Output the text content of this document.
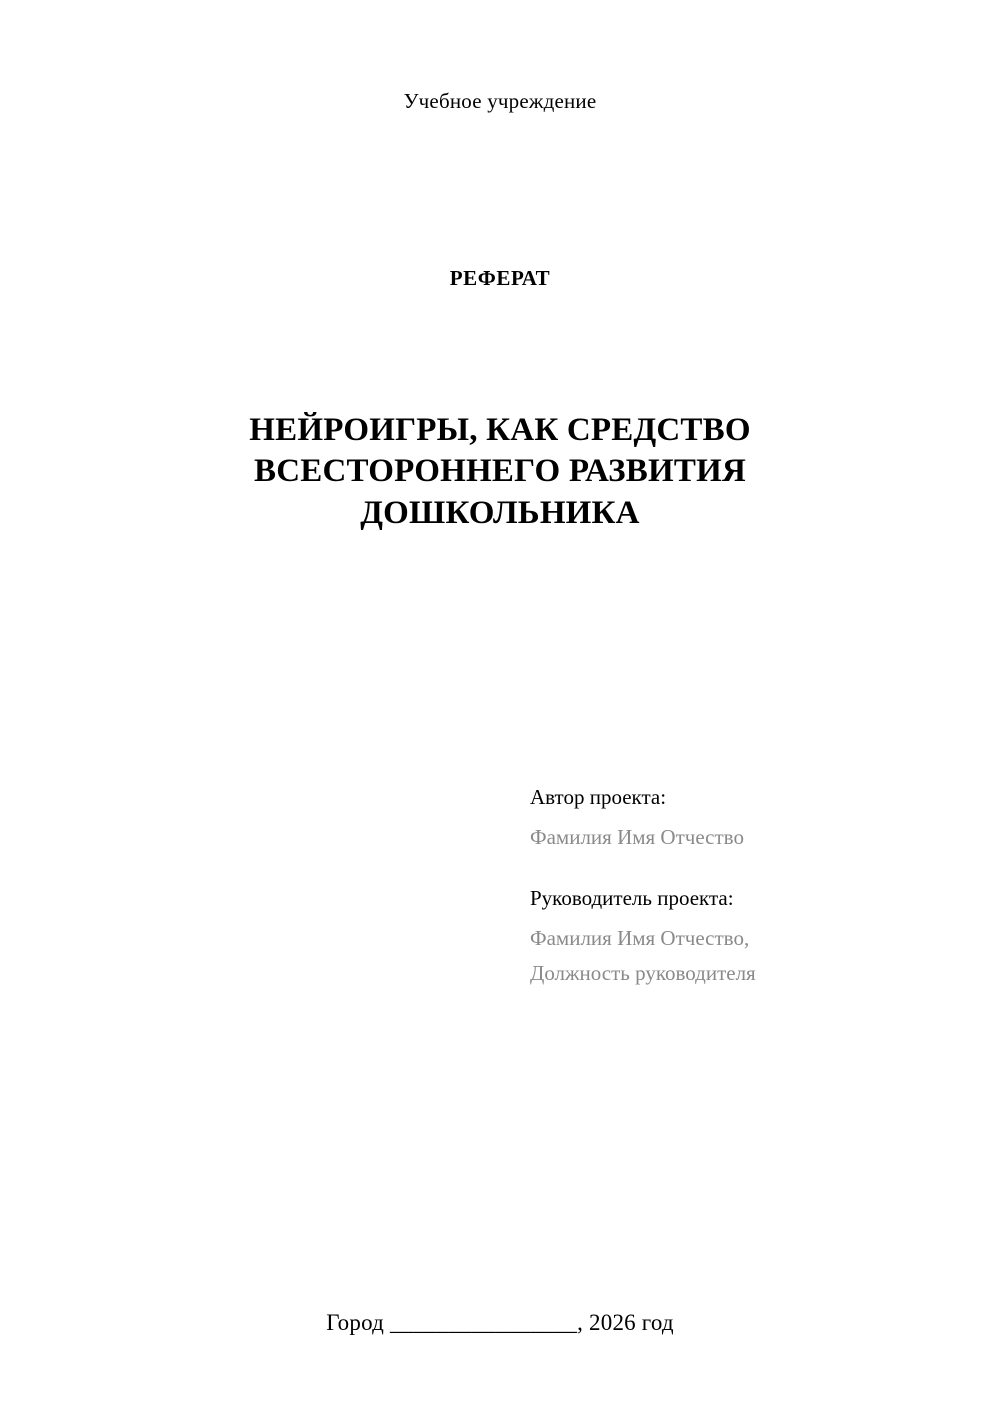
Учебное учреждение
РЕФЕРАТ
НЕЙРОИГРЫ, КАК СРЕДСТВО ВСЕСТОРОННЕГО РАЗВИТИЯ ДОШКОЛЬНИКА
Автор проекта:
Фамилия Имя Отчество
Руководитель проекта:
Фамилия Имя Отчество,
Должность руководителя
Город ________________, 2026 год
